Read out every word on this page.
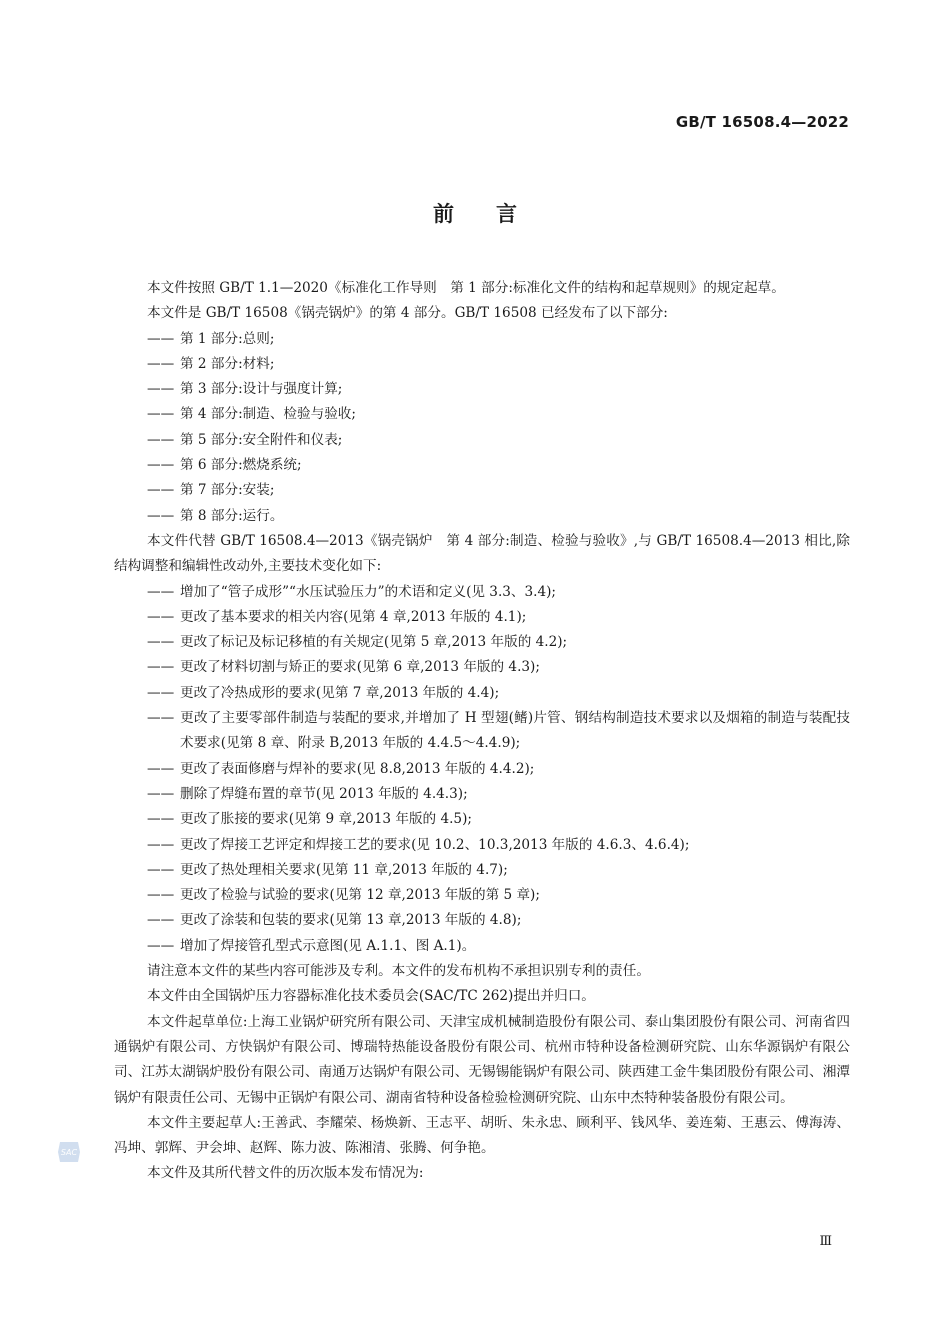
GB/T 16508.4—2022
前言

本文件按照 GB/T 1.1—2020《标准化工作导则　第 1 部分:标准化文件的结构和起草规则》的规定起草。

本文件是 GB/T 16508《锅壳锅炉》的第 4 部分。GB/T 16508 已经发布了以下部分:

—— 第 1 部分:总则;

—— 第 2 部分:材料;

—— 第 3 部分:设计与强度计算;

—— 第 4 部分:制造、检验与验收;

—— 第 5 部分:安全附件和仪表;

—— 第 6 部分:燃烧系统;

—— 第 7 部分:安装;

—— 第 8 部分:运行。

本文件代替 GB/T 16508.4—2013《锅壳锅炉　第 4 部分:制造、检验与验收》,与 GB/T 16508.4—2013 相比,除结构调整和编辑性改动外,主要技术变化如下:

—— 增加了“管子成形”“水压试验压力”的术语和定义(见 3.3、3.4);

—— 更改了基本要求的相关内容(见第 4 章,2013 年版的 4.1);

—— 更改了标记及标记移植的有关规定(见第 5 章,2013 年版的 4.2);

—— 更改了材料切割与矫正的要求(见第 6 章,2013 年版的 4.3);

—— 更改了冷热成形的要求(见第 7 章,2013 年版的 4.4);

—— 更改了主要零部件制造与装配的要求,并增加了 H 型翅(鳍)片管、钢结构制造技术要求以及烟箱的制造与装配技术要求(见第 8 章、附录 B,2013 年版的 4.4.5～4.4.9);

—— 更改了表面修磨与焊补的要求(见 8.8,2013 年版的 4.4.2);

—— 删除了焊缝布置的章节(见 2013 年版的 4.4.3);

—— 更改了胀接的要求(见第 9 章,2013 年版的 4.5);

—— 更改了焊接工艺评定和焊接工艺的要求(见 10.2、10.3,2013 年版的 4.6.3、4.6.4);

—— 更改了热处理相关要求(见第 11 章,2013 年版的 4.7);

—— 更改了检验与试验的要求(见第 12 章,2013 年版的第 5 章);

—— 更改了涂装和包装的要求(见第 13 章,2013 年版的 4.8);

—— 增加了焊接管孔型式示意图(见 A.1.1、图 A.1)。

请注意本文件的某些内容可能涉及专利。本文件的发布机构不承担识别专利的责任。

本文件由全国锅炉压力容器标准化技术委员会(SAC/TC 262)提出并归口。

本文件起草单位:上海工业锅炉研究所有限公司、天津宝成机械制造股份有限公司、泰山集团股份有限公司、河南省四通锅炉有限公司、方快锅炉有限公司、博瑞特热能设备股份有限公司、杭州市特种设备检测研究院、山东华源锅炉有限公司、江苏太湖锅炉股份有限公司、南通万达锅炉有限公司、无锡锡能锅炉有限公司、陕西建工金牛集团股份有限公司、湘潭锅炉有限责任公司、无锡中正锅炉有限公司、湖南省特种设备检验检测研究院、山东中杰特种装备股份有限公司。

本文件主要起草人:王善武、李耀荣、杨焕新、王志平、胡昕、朱永忠、顾利平、钱风华、姜连菊、王惠云、傅海涛、冯坤、郭辉、尹会坤、赵辉、陈力波、陈湘清、张腾、何争艳。

本文件及其所代替文件的历次版本发布情况为:

SAC
Ⅲ
